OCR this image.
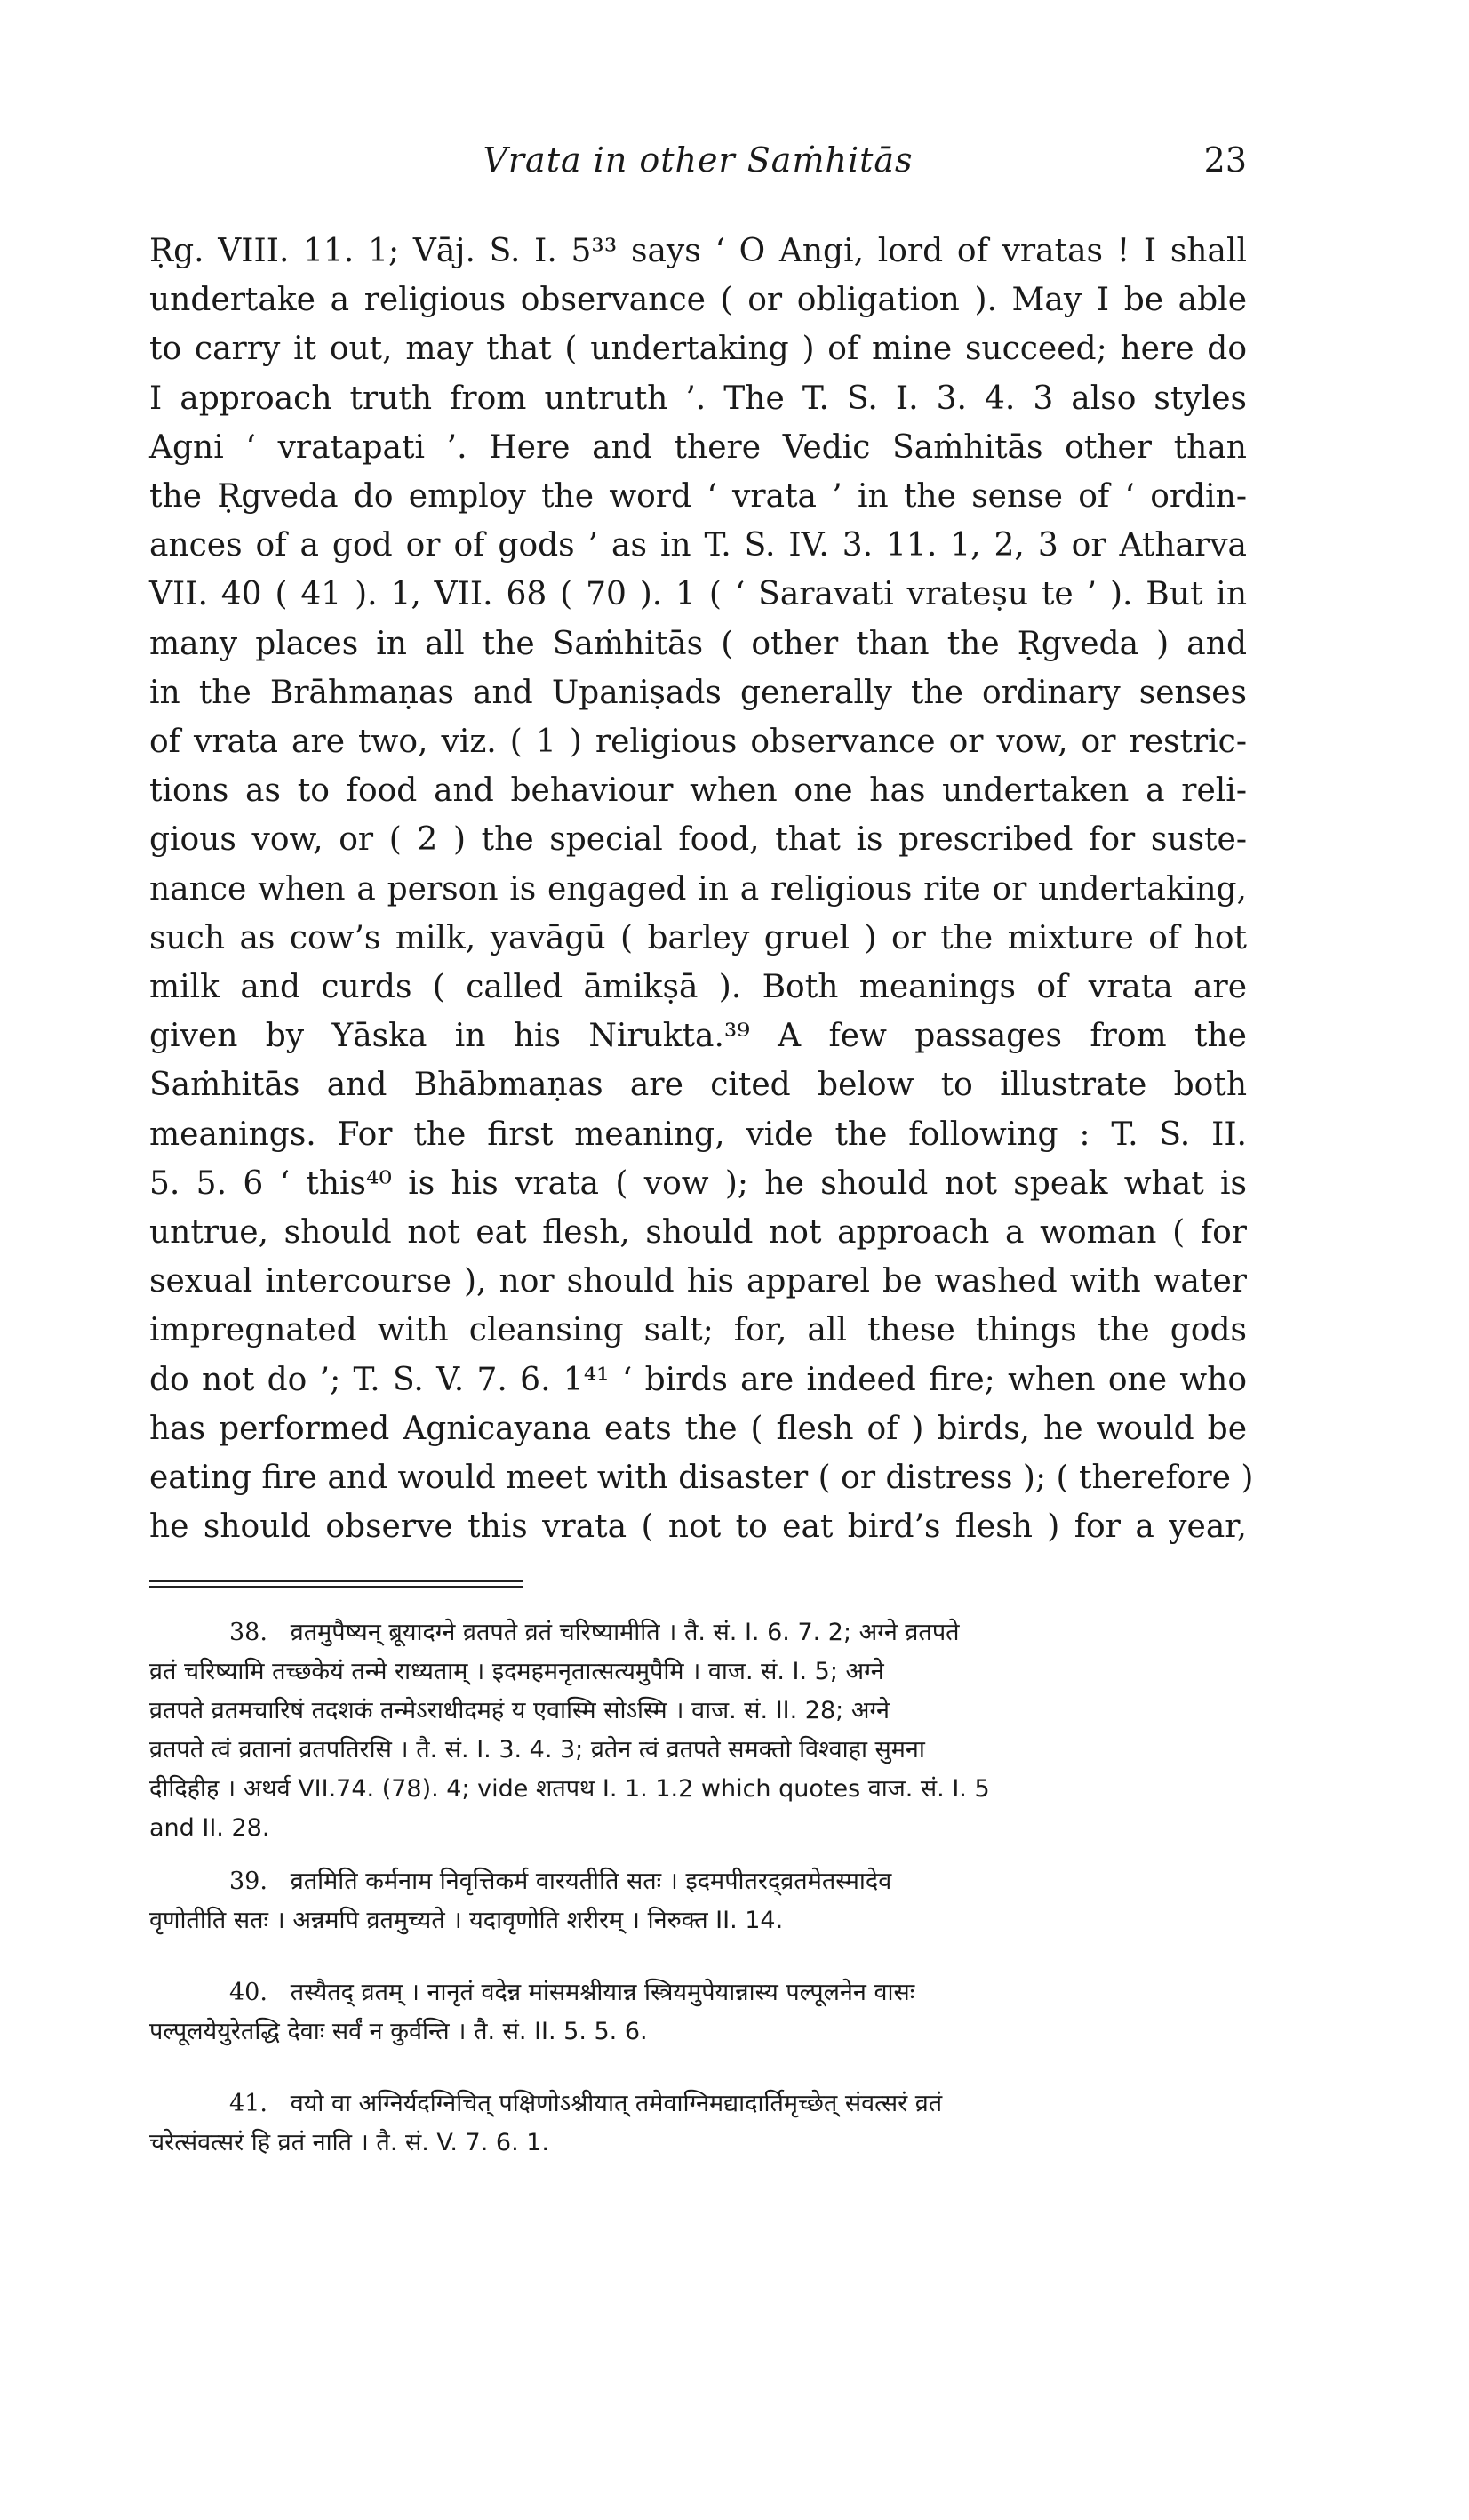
Vrata in other Saṁhitās	23
Ṛg. VIII. 11. 1; Vāj. S. I. 5³³ says ‘ O Angi, lord of vratas ! I shall
undertake a religious observance ( or obligation ). May I be able
to carry it out, may that ( undertaking ) of mine succeed; here do
I approach truth from untruth ’. The T. S. I. 3. 4. 3 also styles
Agni ‘ vratapati ’. Here and there Vedic Saṁhitās other than
the Ṛgveda do employ the word ‘ vrata ’ in the sense of ‘ ordin-
ances of a god or of gods ’ as in T. S. IV. 3. 11. 1, 2, 3 or Atharva
VII. 40 ( 41 ). 1, VII. 68 ( 70 ). 1 ( ‘ Saravati vrateṣu te ’ ). But in
many places in all the Saṁhitās ( other than the Ṛgveda ) and
in the Brāhmaṇas and Upaniṣads generally the ordinary senses
of vrata are two, viz. ( 1 ) religious observance or vow, or restric-
tions as to food and behaviour when one has undertaken a reli-
gious vow, or ( 2 ) the special food, that is prescribed for suste-
nance when a person is engaged in a religious rite or undertaking,
such as cow’s milk, yavāgū ( barley gruel ) or the mixture of hot
milk and curds ( called āmikṣā ). Both meanings of vrata are
given by Yāska in his Nirukta.³⁹ A few passages from the
Saṁhitās and Bhābmaṇas are cited below to illustrate both
meanings. For the first meaning, vide the following : T. S. II.
5. 5. 6 ‘ this⁴⁰ is his vrata ( vow ); he should not speak what is
untrue, should not eat flesh, should not approach a woman ( for
sexual intercourse ), nor should his apparel be washed with water
impregnated with cleansing salt; for, all these things the gods
do not do ’; T. S. V. 7. 6. 1⁴¹ ‘ birds are indeed fire; when one who
has performed Agnicayana eats the ( flesh of ) birds, he would be
eating fire and would meet with disaster ( or distress ); ( therefore )
he should observe this vrata ( not to eat bird’s flesh ) for a year,
38. व्रतमुपैष्यन् ब्रूयादग्ने व्रतपते व्रतं चरिष्यामीति । तै. सं. I. 6. 7. 2; अग्ने व्रतपते
व्रतं चरिष्यामि तच्छकेयं तन्मे राध्यताम् । इदमहमनृतात्सत्यमुपैमि । वाज. सं. I. 5; अग्ने
व्रतपते व्रतमचारिषं तदशकं तन्मेऽराधीदमहं य एवास्मि सोऽस्मि । वाज. सं. II. 28; अग्ने
व्रतपते त्वं व्रतानां व्रतपतिरसि । तै. सं. I. 3. 4. 3; व्रतेन त्वं व्रतपते समक्तो विश्वाहा सुमना
दीदिहीह । अथर्व VII.74. (78). 4; vide शतपथ I. 1. 1.2 which quotes वाज. सं. I. 5
and II. 28.
39. व्रतमिति कर्मनाम निवृत्तिकर्म वारयतीति सतः । इदमपीतरद्व्रतमेतस्मादेव
वृणोतीति सतः । अन्नमपि व्रतमुच्यते । यदावृणोति शरीरम् । निरुक्त II. 14.
40. तस्यैतद् व्रतम् । नानृतं वदेन्न मांसमश्नीयान्न स्त्रियमुपेयान्नास्य पल्पूलनेन वासः
पल्पूलयेयुरेतद्धि देवाः सर्वं न कुर्वन्ति । तै. सं. II. 5. 5. 6.
41. वयो वा अग्निर्यदग्निचित् पक्षिणोऽश्नीयात् तमेवाग्निमद्यादार्तिमृच्छेत् संवत्सरं व्रतं
चरेत्संवत्सरं हि व्रतं नाति । तै. सं. V. 7. 6. 1.
